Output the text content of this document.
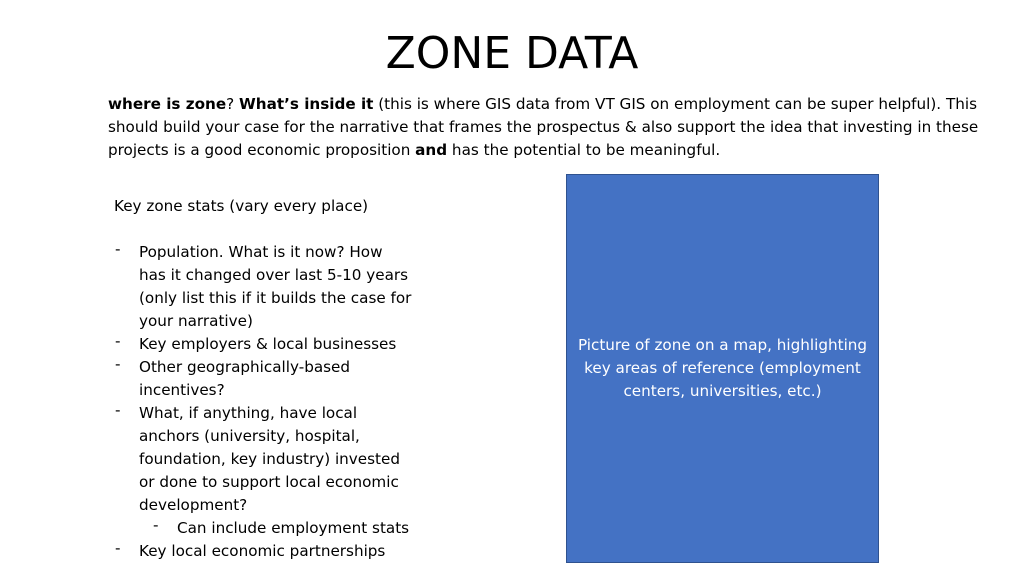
ZONE DATA
where is zone? What’s inside it (this is where GIS data from VT GIS on employment can be super helpful). This should build your case for the narrative that frames the prospectus & also support the idea that investing in these projects is a good economic proposition and has the potential to be meaningful.
Key zone stats (vary every place)
- Population. What is it now? How has it changed over last 5-10 years (only list this if it builds the case for your narrative)
- Key employers & local businesses
- Other geographically-based incentives?
- What, if anything, have local anchors (university, hospital, foundation, key industry) invested or done to support local economic development?
- Can include employment stats
- Key local economic partnerships
Picture of zone on a map, highlighting key areas of reference (employment centers, universities, etc.)
